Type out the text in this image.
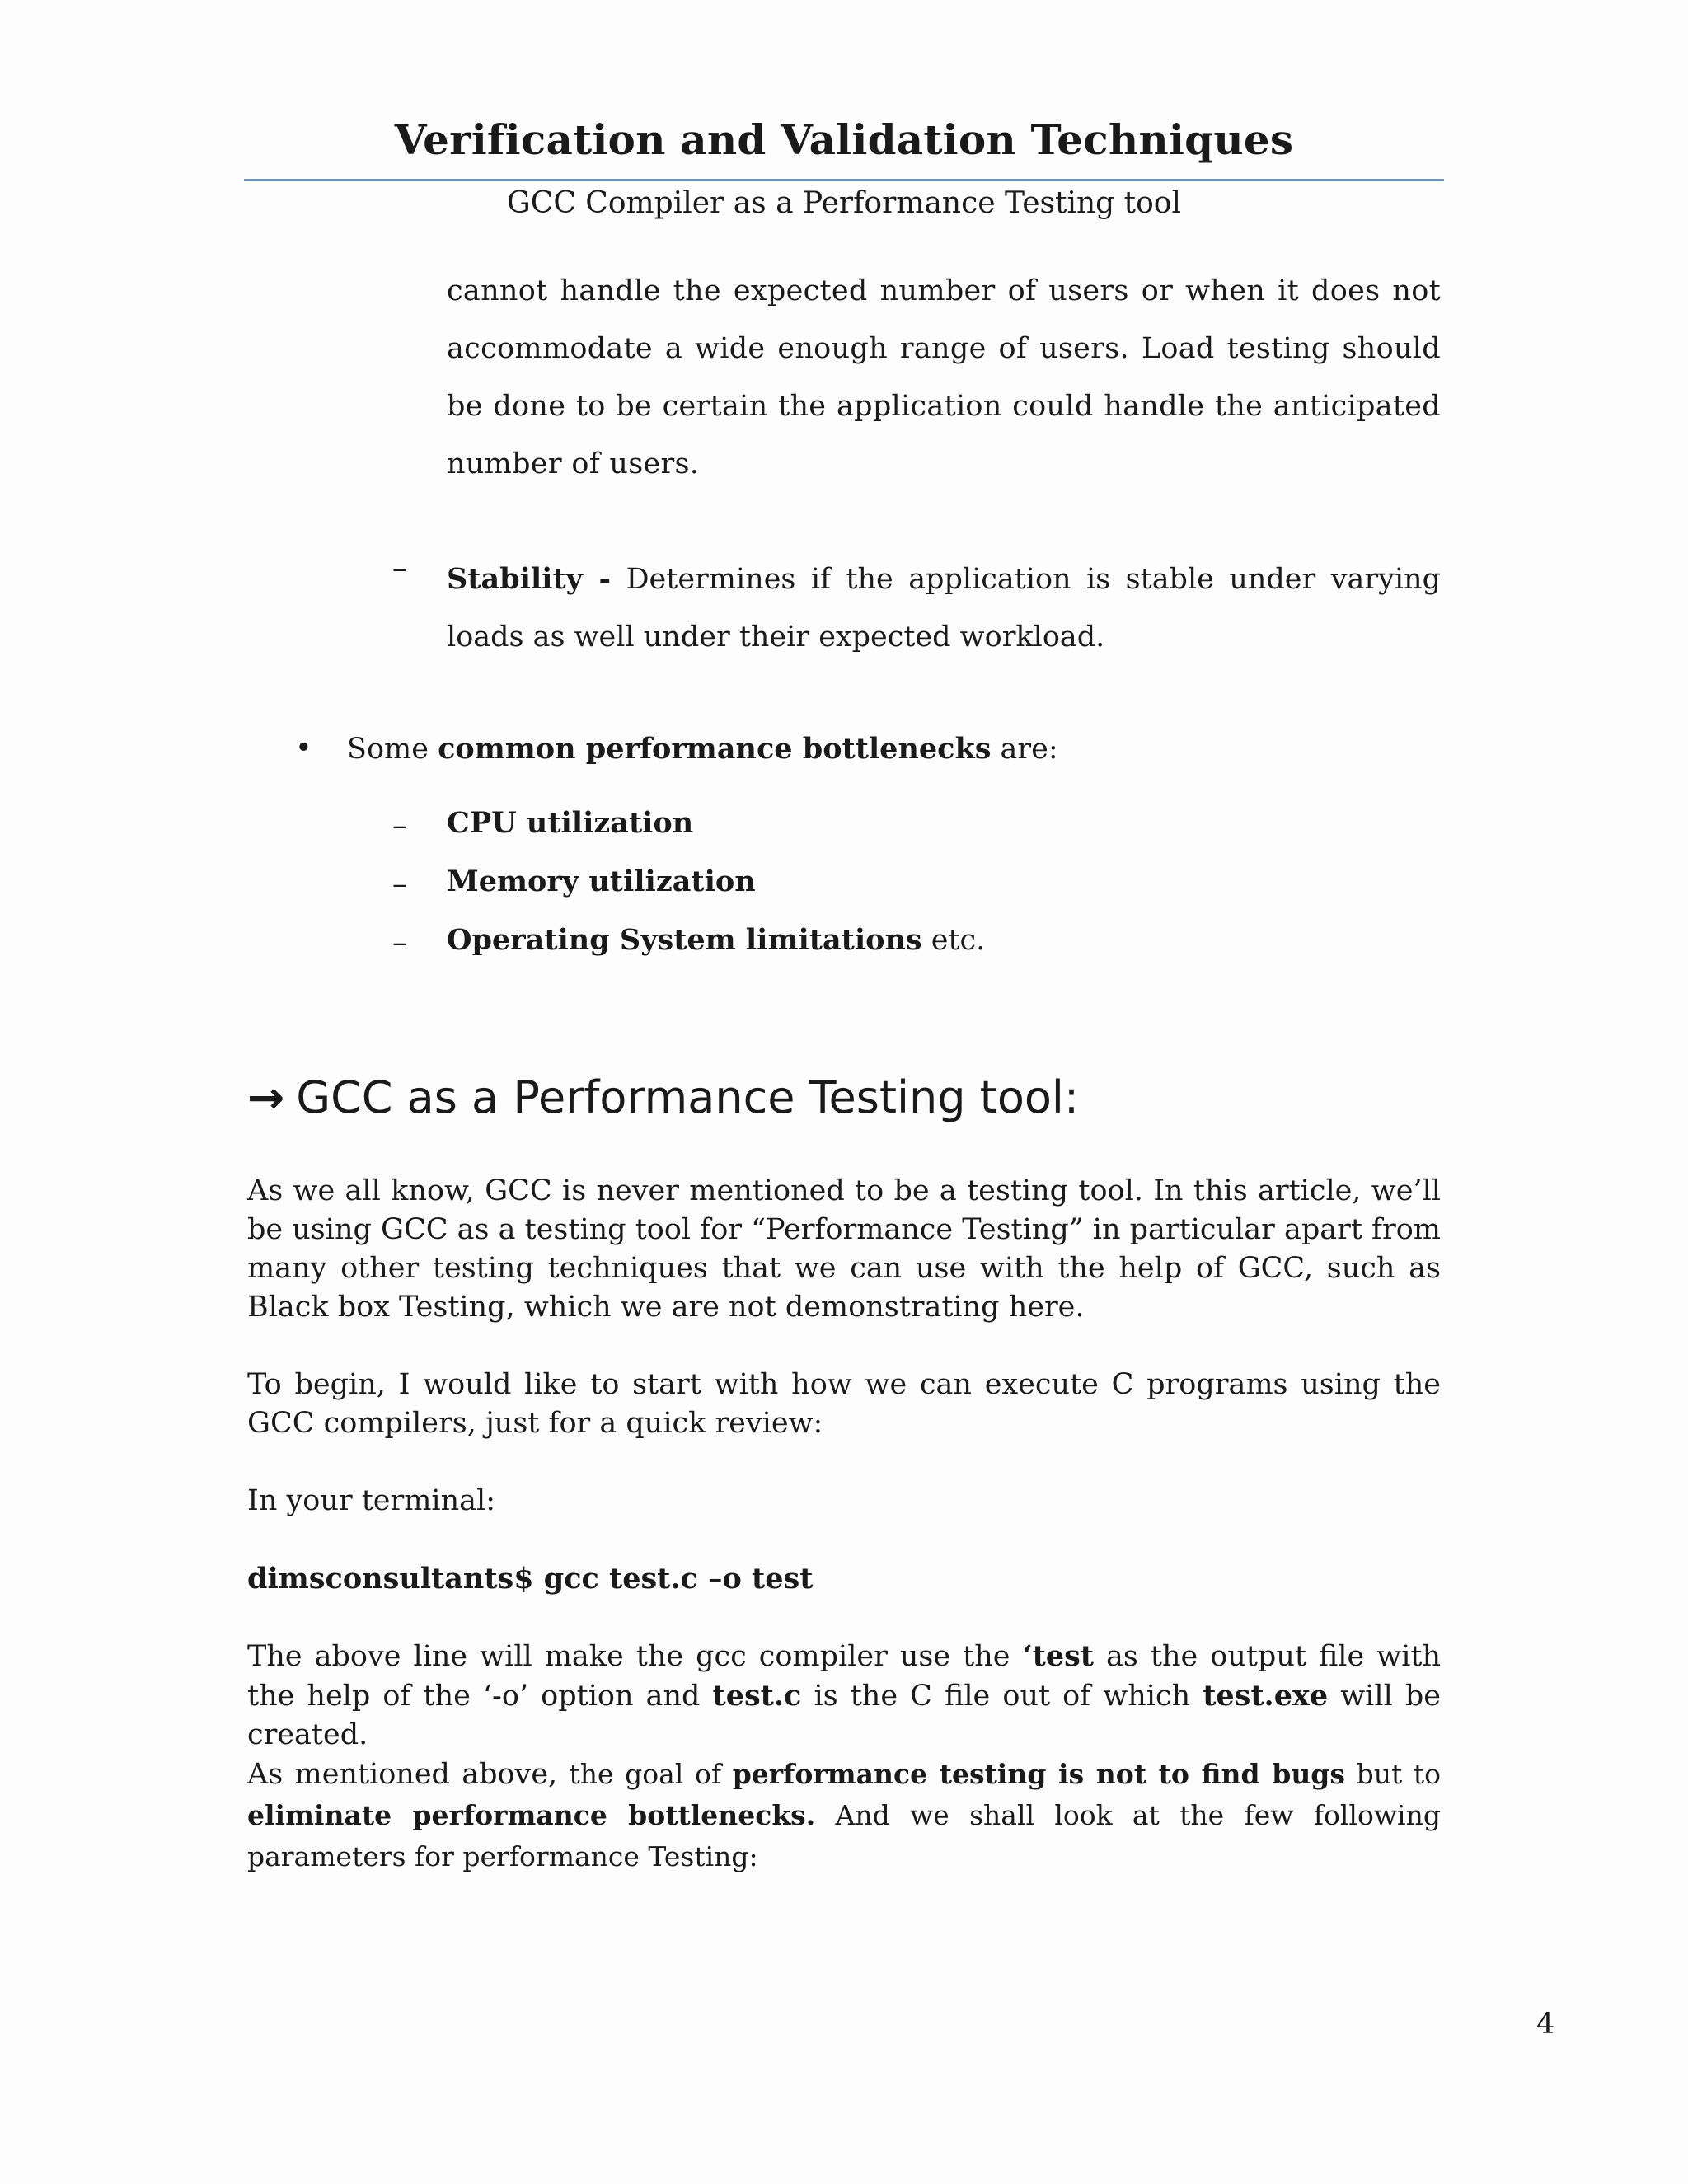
Verification and Validation Techniques
GCC Compiler as a Performance Testing tool
cannot handle the expected number of users or when it does not accommodate a wide enough range of users. Load testing should be done to be certain the application could handle the anticipated number of users.
– Stability - Determines if the application is stable under varying loads as well under their expected workload.
• Some common performance bottlenecks are:
– CPU utilization
– Memory utilization
– Operating System limitations etc.
→ GCC as a Performance Testing tool:
As we all know, GCC is never mentioned to be a testing tool. In this article, we’ll be using GCC as a testing tool for “Performance Testing” in particular apart from many other testing techniques that we can use with the help of GCC, such as Black box Testing, which we are not demonstrating here.
To begin, I would like to start with how we can execute C programs using the GCC compilers, just for a quick review:
In your terminal:
dimsconsultants$ gcc test.c –o test
The above line will make the gcc compiler use the ‘test as the output file with the help of the ‘-o’ option and test.c is the C file out of which test.exe will be created.
As mentioned above, the goal of performance testing is not to find bugs but to eliminate performance bottlenecks. And we shall look at the few following parameters for performance Testing:
4
